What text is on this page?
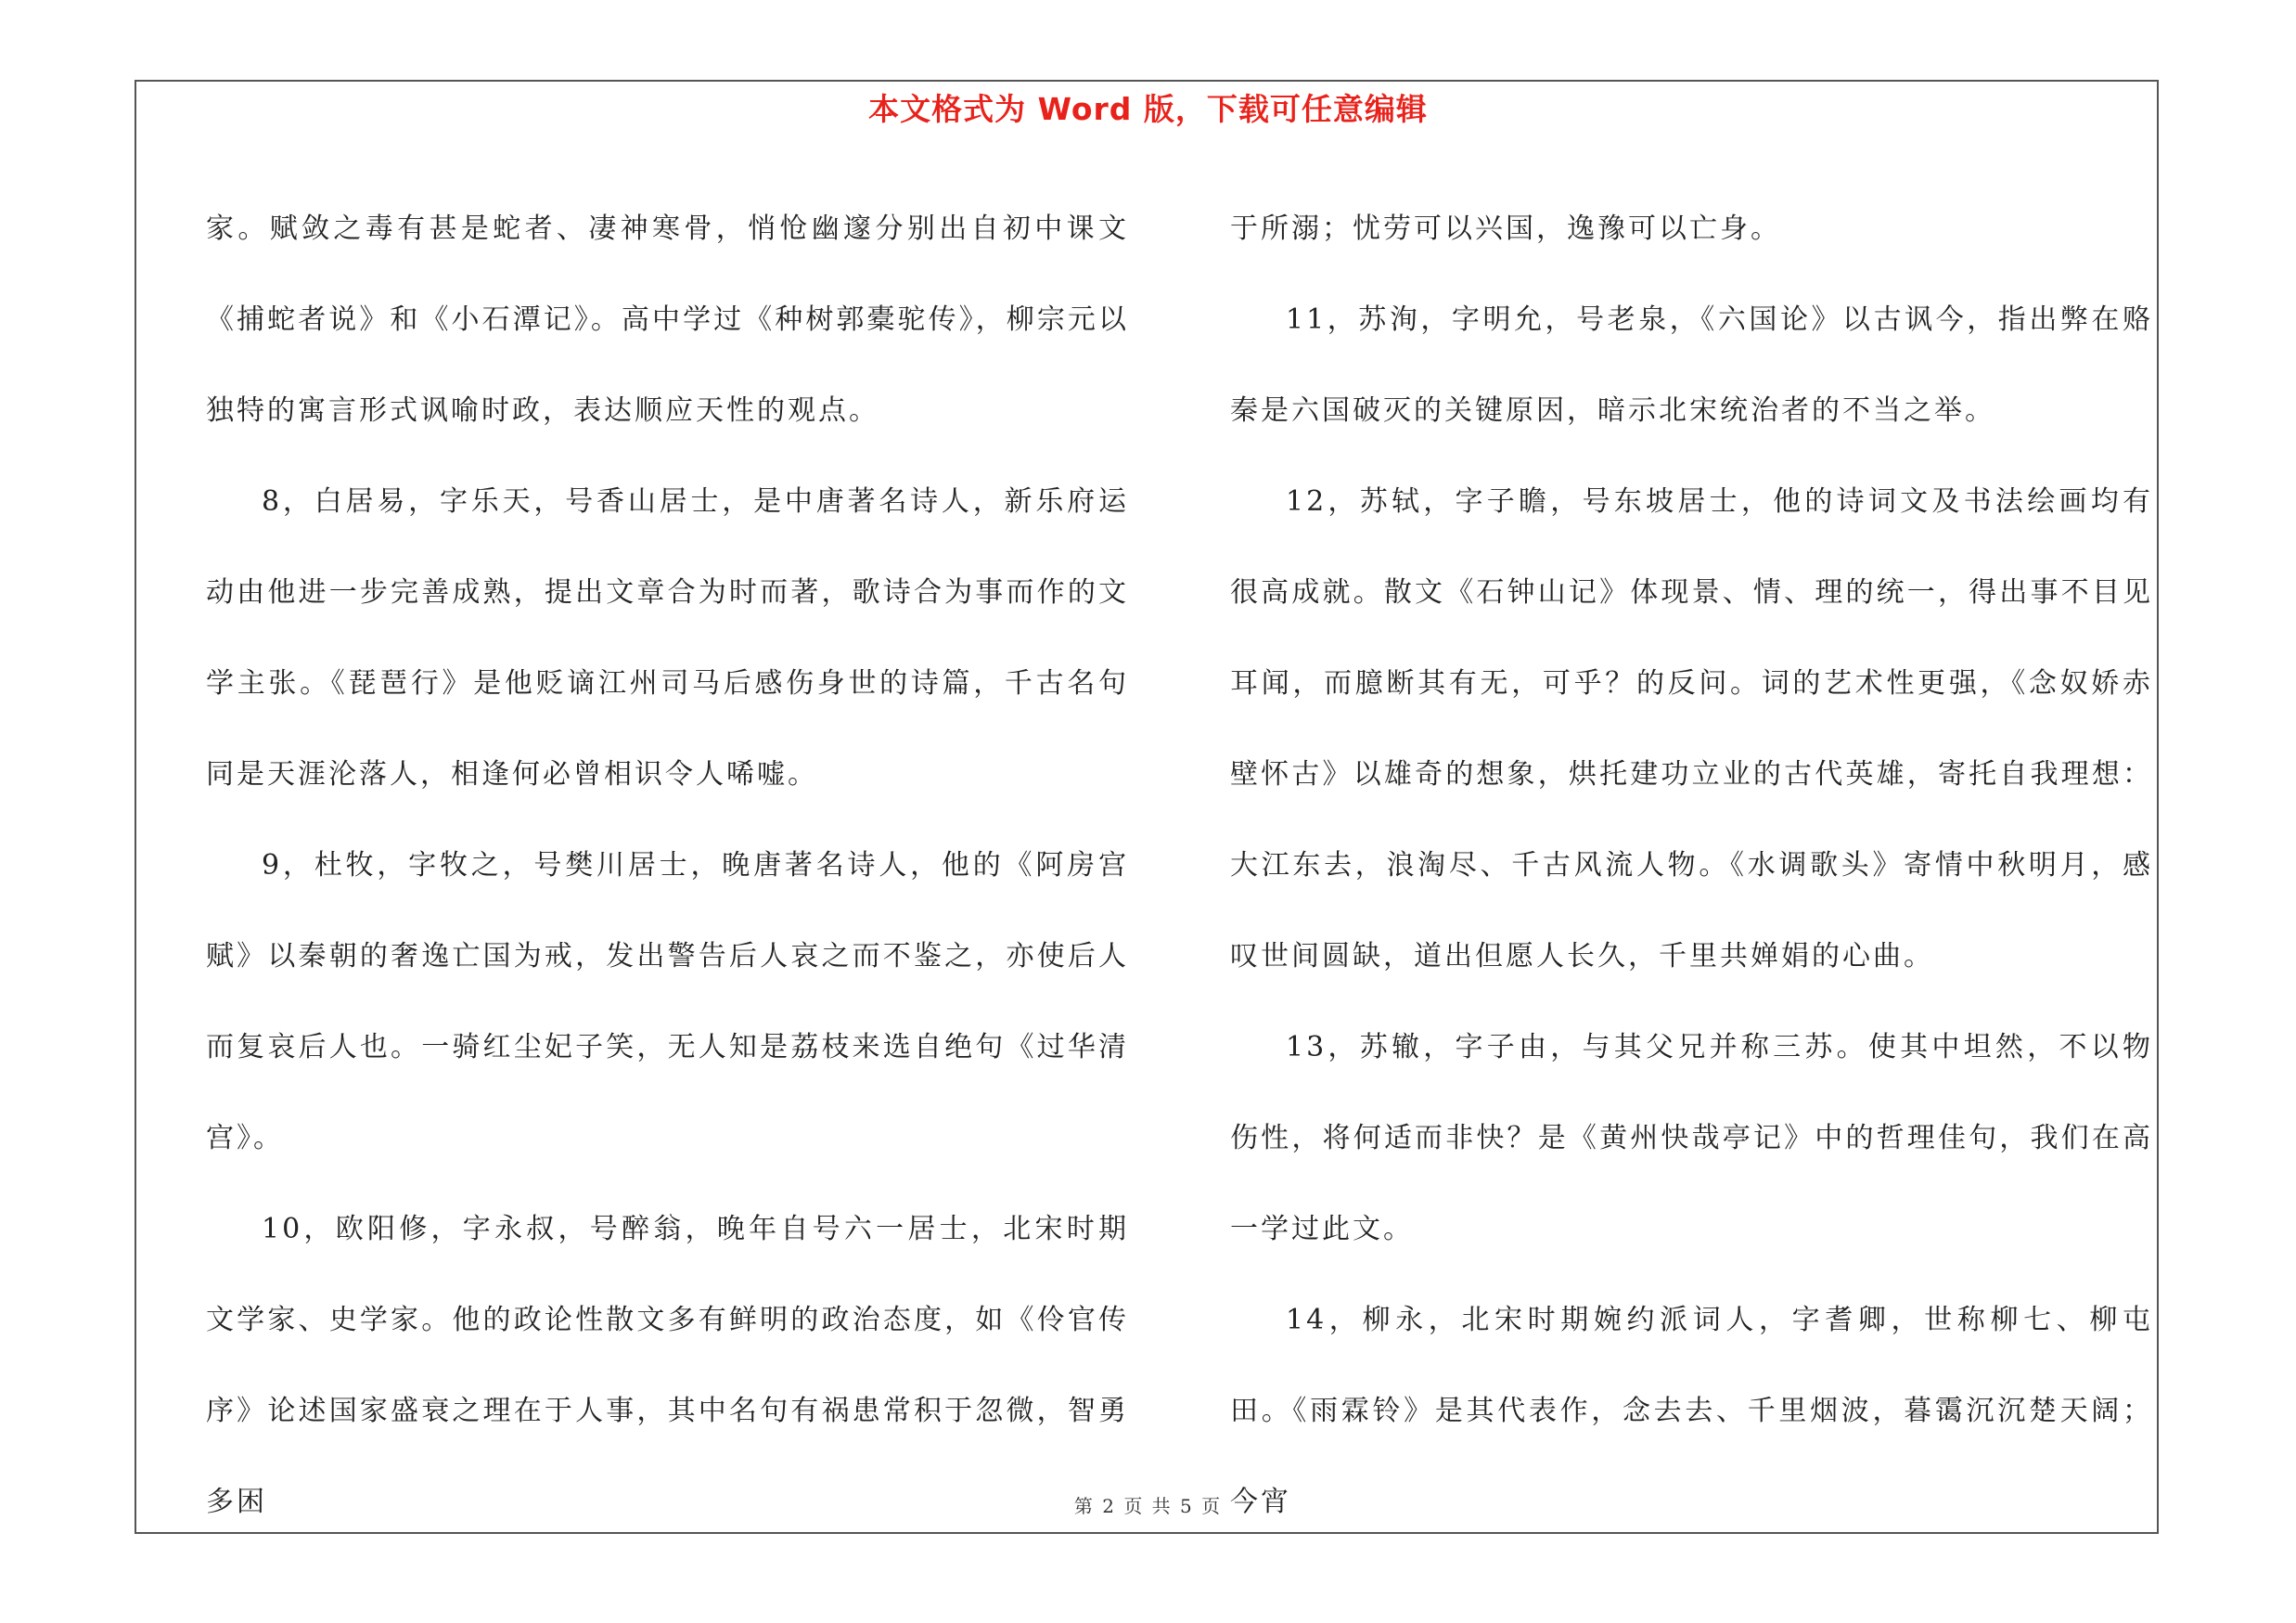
本文格式为 Word 版，下载可任意编辑

家。赋敛之毒有甚是蛇者、凄神寒骨，悄怆幽邃分别出自初中课文《捕蛇者说》和《小石潭记》。高中学过《种树郭橐驼传》，柳宗元以独特的寓言形式讽喻时政，表达顺应天性的观点。

8，白居易，字乐天，号香山居士，是中唐著名诗人，新乐府运动由他进一步完善成熟，提出文章合为时而著，歌诗合为事而作的文学主张。《琵琶行》是他贬谪江州司马后感伤身世的诗篇，千古名句同是天涯沦落人，相逢何必曾相识令人唏嘘。

9，杜牧，字牧之，号樊川居士，晚唐著名诗人，他的《阿房宫赋》以秦朝的奢逸亡国为戒，发出警告后人哀之而不鉴之，亦使后人而复哀后人也。一骑红尘妃子笑，无人知是荔枝来选自绝句《过华清宫》。

10，欧阳修，字永叔，号醉翁，晚年自号六一居士，北宋时期文学家、史学家。他的政论性散文多有鲜明的政治态度，如《伶官传序》论述国家盛衰之理在于人事，其中名句有祸患常积于忽微，智勇多困

于所溺；忧劳可以兴国，逸豫可以亡身。

11，苏洵，字明允，号老泉，《六国论》以古讽今，指出弊在赂秦是六国破灭的关键原因，暗示北宋统治者的不当之举。

12，苏轼，字子瞻，号东坡居士，他的诗词文及书法绘画均有很高成就。散文《石钟山记》体现景、情、理的统一，得出事不目见耳闻，而臆断其有无，可乎？的反问。词的艺术性更强，《念奴娇赤壁怀古》以雄奇的想象，烘托建功立业的古代英雄，寄托自我理想：大江东去，浪淘尽、千古风流人物。《水调歌头》寄情中秋明月，感叹世间圆缺，道出但愿人长久，千里共婵娟的心曲。

13，苏辙，字子由，与其父兄并称三苏。使其中坦然，不以物伤性，将何适而非快？是《黄州快哉亭记》中的哲理佳句，我们在高一学过此文。

14，柳永，北宋时期婉约派词人，字耆卿，世称柳七、柳屯田。《雨霖铃》是其代表作，念去去、千里烟波，暮霭沉沉楚天阔；今宵

第 2 页 共 5 页
